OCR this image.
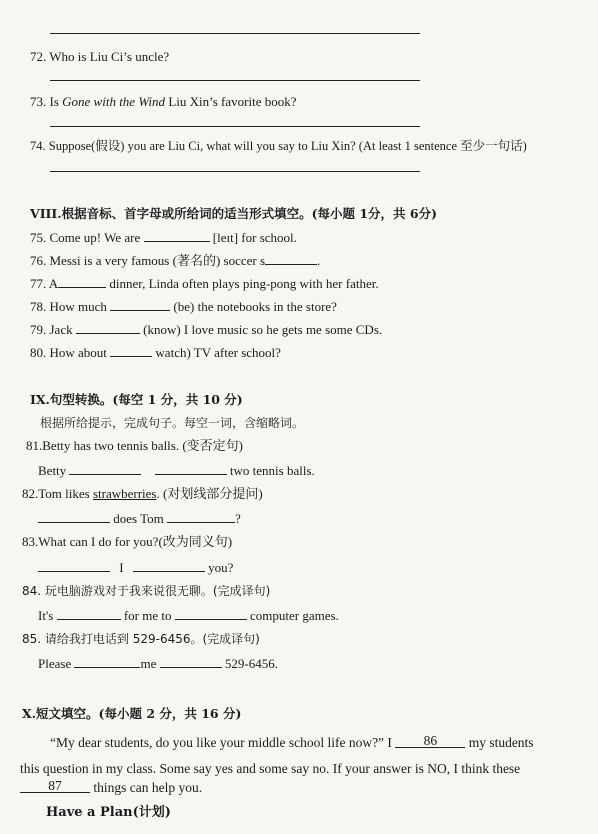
72. Who is Liu Ci’s uncle?
73. Is Gone with the Wind Liu Xin’s favorite book?
74. Suppose(假设) you are Liu Ci, what will you say to Liu Xin? (At least 1 sentence 至少一句话)
VIII.根据音标、首字母或所给词的适当形式填空。(每小题 1分，共 6分)
75. Come up! We are	[leɪt] for school.
76. Messi is a very famous (著名的) soccer s	.
77. A	dinner, Linda often plays ping-pong with her father.
78. How much	(be) the notebooks in the store?
79. Jack	(know) I love music so he gets me some CDs.
80. How about	watch) TV after school?
IX.句型转换。(每空 1 分，共 10 分)
根据所给提示，完成句子。每空一词，含缩略词。
81.Betty has two tennis balls. (变否定句)
Betty	two tennis balls.
82.Tom likes strawberries. (对划线部分提问)
does Tom	?
83.What can I do for you?(改为同义句)
I	you?
84. 玩电脑游戏对于我来说很无聊。(完成译句)
It's	for me to	computer games.
85. 请给我打电话到 529-6456。(完成译句)
Please	me	529-6456.
X.短文填空。(每小题 2 分，共 16 分)
“My dear students, do you like your middle school life now?” I 86 my students
this question in my class. Some say yes and some say no. If your answer is NO, I think these
87 things can help you.
Have a Plan(计划)
